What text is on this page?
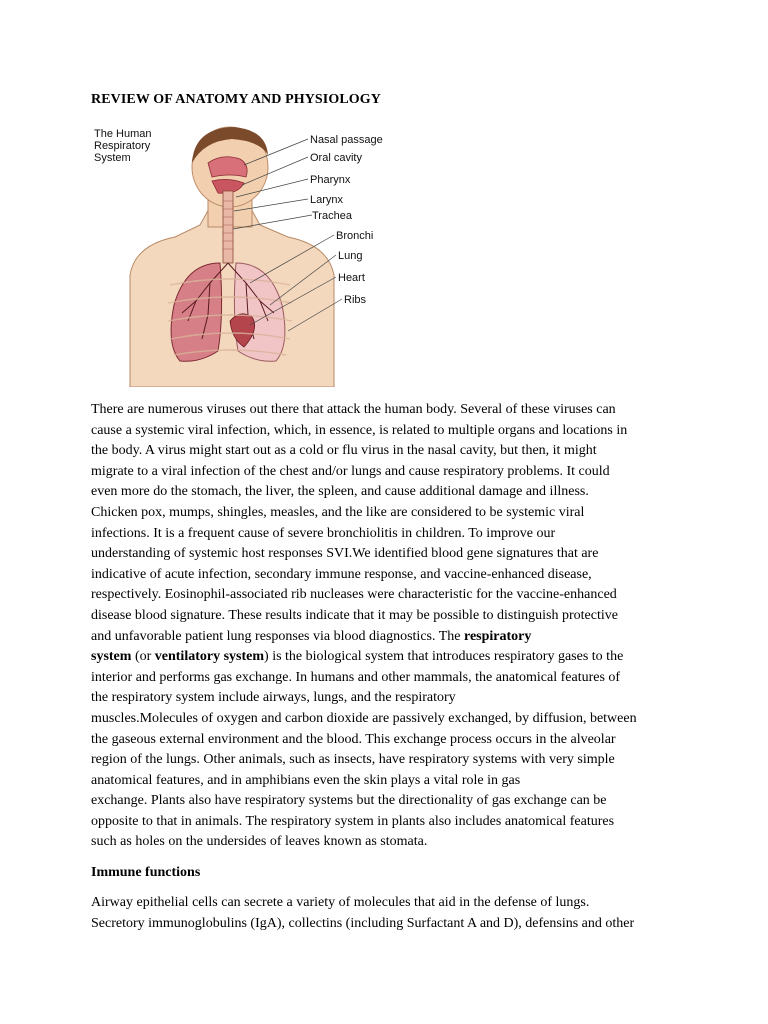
REVIEW OF ANATOMY AND PHYSIOLOGY
The Human
Respiratory
System
Nasal passage
Oral cavity
Pharynx
Larynx
Trachea
Bronchi
Lung
Heart
Ribs

There are numerous viruses out there that attack the human body. Several of these viruses can
cause a systemic viral infection, which, in essence, is related to multiple organs and locations in
the body. A virus might start out as a cold or flu virus in the nasal cavity, but then, it might
migrate to a viral infection of the chest and/or lungs and cause respiratory problems. It could
even more do the stomach, the liver, the spleen, and cause additional damage and illness.
Chicken pox, mumps, shingles, measles, and the like are considered to be systemic viral
infections. It is a frequent cause of severe bronchiolitis in children. To improve our
understanding of systemic host responses SVI.We identified blood gene signatures that are
indicative of acute infection, secondary immune response, and vaccine-enhanced disease,
respectively. Eosinophil-associated rib nucleases were characteristic for the vaccine-enhanced
disease blood signature. These results indicate that it may be possible to distinguish protective
and unfavorable patient lung responses via blood diagnostics. The respiratory
system (or ventilatory system) is the biological system that introduces respiratory gases to the
interior and performs gas exchange. In humans and other mammals, the anatomical features of
the respiratory system include airways, lungs, and the respiratory
muscles.Molecules of oxygen and carbon dioxide are passively exchanged, by diffusion, between
the gaseous external environment and the blood. This exchange process occurs in the alveolar
region of the lungs. Other animals, such as insects, have respiratory systems with very simple
anatomical features, and in amphibians even the skin plays a vital role in gas
exchange. Plants also have respiratory systems but the directionality of gas exchange can be
opposite to that in animals. The respiratory system in plants also includes anatomical features
such as holes on the undersides of leaves known as stomata.

Immune functions

Airway epithelial cells can secrete a variety of molecules that aid in the defense of lungs.
Secretory immunoglobulins (IgA), collectins (including Surfactant A and D), defensins and other
